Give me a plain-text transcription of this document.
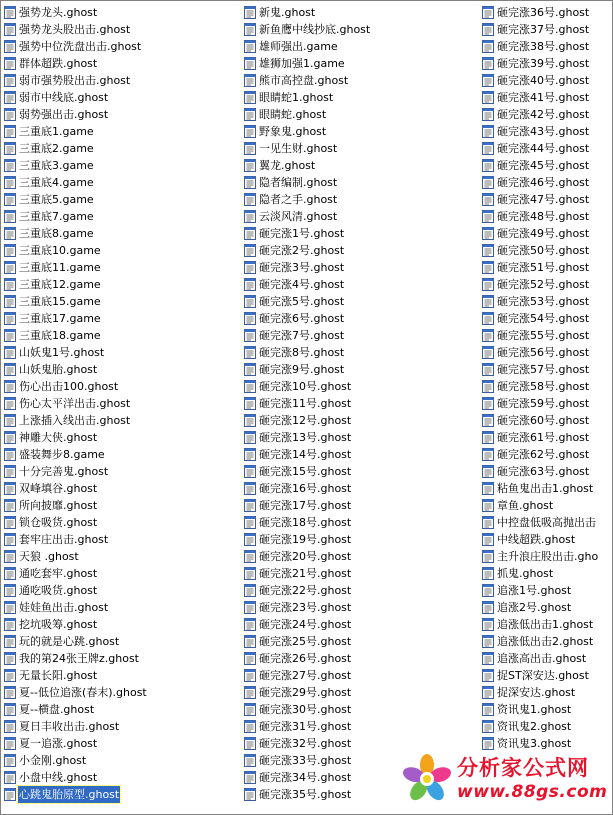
强势龙头.ghost
强势龙头股出击.ghost
强势中位洗盘出击.ghost
群体超跌.ghost
弱市强势股出击.ghost
弱市中线底.ghost
弱势强出击.ghost
三重底1.game
三重底2.game
三重底3.game
三重底4.game
三重底5.game
三重底7.game
三重底8.game
三重底10.game
三重底11.game
三重底12.game
三重底15.game
三重底17.game
三重底18.game
山妖鬼1号.ghost
山妖鬼胎.ghost
伤心出击100.ghost
伤心太平洋出击.ghost
上涨插入线出击.ghost
神雕大侠.ghost
盛装舞步8.game
十分完善鬼.ghost
双峰填谷.ghost
所向披靡.ghost
锁仓吸货.ghost
套牢庄出击.ghost
天狼 .ghost
通吃套牢.ghost
通吃吸货.ghost
娃娃鱼出击.ghost
挖坑吸筹.ghost
玩的就是心跳.ghost
我的第24张王牌z.ghost
无量长阳.ghost
夏--低位追涨(春末).ghost
夏--横盘.ghost
夏日丰收出击.ghost
夏一追涨.ghost
小金刚.ghost
小盘中线.ghost
心跳鬼胎原型.ghost
新鬼.ghost
新鱼鹰中线抄底.ghost
雄师强出.game
雄狮加强1.game
熊市高控盘.ghost
眼睛蛇1.ghost
眼睛蛇.ghost
野象鬼.ghost
一见生财.ghost
翼龙.ghost
隐者编制.ghost
隐者之手.ghost
云淡风清.ghost
砸完涨1号.ghost
砸完涨2号.ghost
砸完涨3号.ghost
砸完涨4号.ghost
砸完涨5号.ghost
砸完涨6号.ghost
砸完涨7号.ghost
砸完涨8号.ghost
砸完涨9号.ghost
砸完涨10号.ghost
砸完涨11号.ghost
砸完涨12号.ghost
砸完涨13号.ghost
砸完涨14号.ghost
砸完涨15号.ghost
砸完涨16号.ghost
砸完涨17号.ghost
砸完涨18号.ghost
砸完涨19号.ghost
砸完涨20号.ghost
砸完涨21号.ghost
砸完涨22号.ghost
砸完涨23号.ghost
砸完涨24号.ghost
砸完涨25号.ghost
砸完涨26号.ghost
砸完涨27号.ghost
砸完涨29号.ghost
砸完涨30号.ghost
砸完涨31号.ghost
砸完涨32号.ghost
砸完涨33号.ghost
砸完涨34号.ghost
砸完涨35号.ghost
砸完涨36号.ghost
砸完涨37号.ghost
砸完涨38号.ghost
砸完涨39号.ghost
砸完涨40号.ghost
砸完涨41号.ghost
砸完涨42号.ghost
砸完涨43号.ghost
砸完涨44号.ghost
砸完涨45号.ghost
砸完涨46号.ghost
砸完涨47号.ghost
砸完涨48号.ghost
砸完涨49号.ghost
砸完涨50号.ghost
砸完涨51号.ghost
砸完涨52号.ghost
砸完涨53号.ghost
砸完涨54号.ghost
砸完涨55号.ghost
砸完涨56号.ghost
砸完涨57号.ghost
砸完涨58号.ghost
砸完涨59号.ghost
砸完涨60号.ghost
砸完涨61号.ghost
砸完涨62号.ghost
砸完涨63号.ghost
粘鱼鬼出击1.ghost
章鱼.ghost
中控盘低吸高抛出击
中线超跌.ghost
主升浪庄股出击.gho
抓鬼.ghost
追涨1号.ghost
追涨2号.ghost
追涨低出击1.ghost
追涨低出击2.ghost
追涨高出击.ghost
捉ST深安达.ghost
捉深安达.ghost
资讯鬼1.ghost
资讯鬼2.ghost
资讯鬼3.ghost
分析家公式网
www.88gs.com
